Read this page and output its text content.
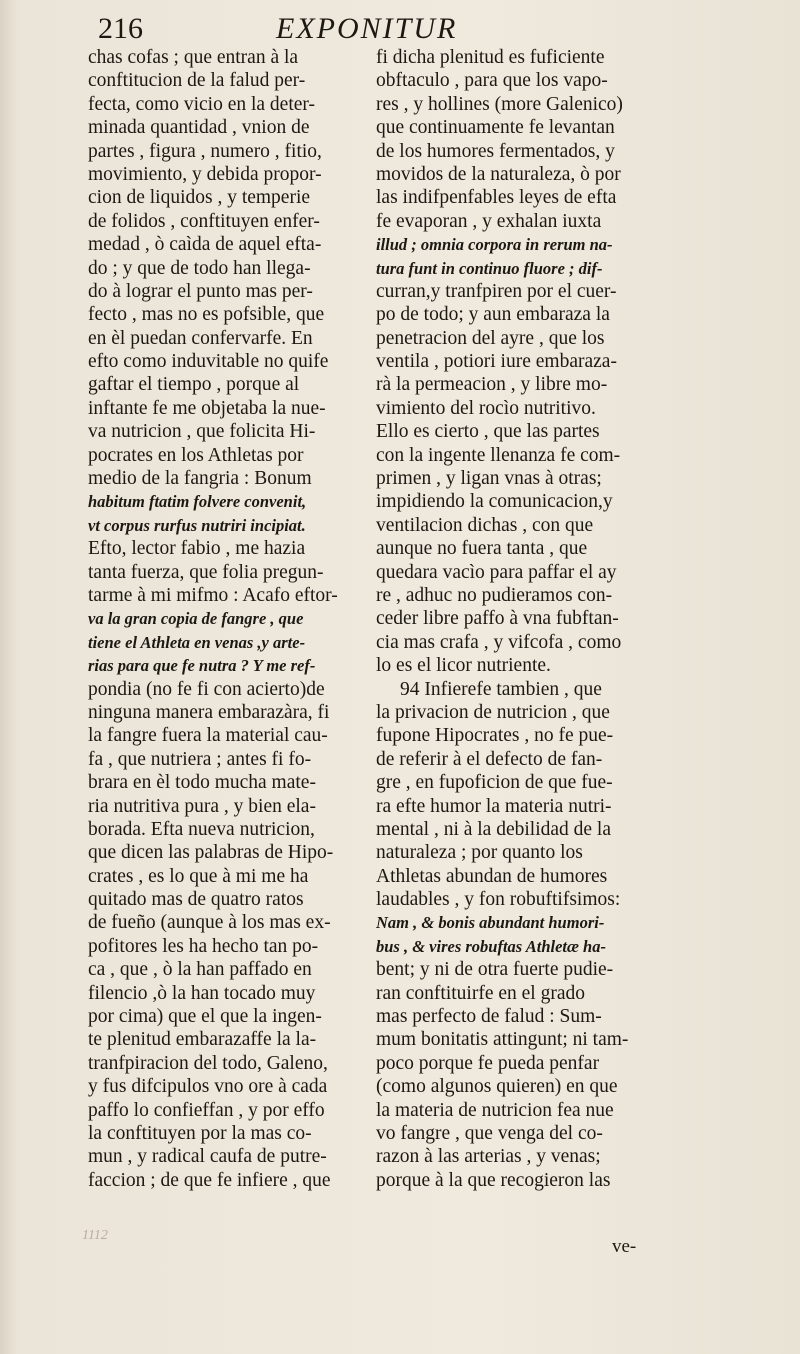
216	EXPONITUR
chas cofas ; que entran à la
conftitucion de la falud per-
fecta, como vicio en la deter-
minada quantidad , vnion de
partes , figura , numero , fitio,
movimiento, y debida propor-
cion de liquidos , y temperie
de folidos , conftituyen enfer-
medad , ò caìda de aquel efta-
do ; y que de todo han llega-
do à lograr el punto mas per-
fecto , mas no es pofsible, que
en èl puedan confervarfe. En
efto como induvitable no quife
gaftar el tiempo , porque al
inftante fe me objetaba la nue-
va nutricion , que folicita Hi-
pocrates en los Athletas por
medio de la fangria : Bonum
habitum ftatim folvere convenit,
vt corpus rurfus nutriri incipiat.
Efto, lector fabio , me hazia
tanta fuerza, que folia pregun-
tarme à mi mifmo : Acafo eftor-
va la gran copia de fangre , que
tiene el Athleta en venas ,y arte-
rias para que fe nutra ? Y me ref-
pondia (no fe fi con acierto)de
ninguna manera embarazàra, fi
la fangre fuera la material cau-
fa , que nutriera ; antes fi fo-
brara en èl todo mucha mate-
ria nutritiva pura , y bien ela-
borada. Efta nueva nutricion,
que dicen las palabras de Hipo-
crates , es lo que à mi me ha
quitado mas de quatro ratos
de fueño (aunque à los mas ex-
pofitores les ha hecho tan po-
ca , que , ò la han paffado en
filencio ,ò la han tocado muy
por cima) que el que la ingen-
te plenitud embarazaffe la la-
tranfpiracion del todo, Galeno,
y fus difcipulos vno ore à cada
paffo lo confieffan , y por effo
la conftituyen por la mas co-
mun , y radical caufa de putre-
faccion ; de que fe infiere , que
fi dicha plenitud es fuficiente
obftaculo , para que los vapo-
res , y hollines (more Galenico)
que continuamente fe levantan
de los humores fermentados, y
movidos de la naturaleza, ò por
las indifpenfables leyes de efta
fe evaporan , y exhalan iuxta
illud ; omnia corpora in rerum na-
tura funt in continuo fluore ; dif-
curran,y tranfpiren por el cuer-
po de todo; y aun embaraza la
penetracion del ayre , que los
ventila , potiori iure embaraza-
rà la permeacion , y libre mo-
vimiento del rocìo nutritivo.
Ello es cierto , que las partes
con la ingente llenanza fe com-
primen , y ligan vnas à otras;
impidiendo la comunicacion,y
ventilacion dichas , con que
aunque no fuera tanta , que
quedara vacìo para paffar el ay
re , adhuc no pudieramos con-
ceder libre paffo à vna fubftan-
cia mas crafa , y vifcofa , como
lo es el licor nutriente.
94 Infierefe tambien , que
la privacion de nutricion , que
fupone Hipocrates , no fe pue-
de referir à el defecto de fan-
gre , en fupoficion de que fue-
ra efte humor la materia nutri-
mental , ni à la debilidad de la
naturaleza ; por quanto los
Athletas abundan de humores
laudables , y fon robuftifsimos:
Nam , & bonis abundant humori-
bus , & vires robuftas Athletæ ha-
bent; y ni de otra fuerte pudie-
ran conftituirfe en el grado
mas perfecto de falud : Sum-
mum bonitatis attingunt; ni tam-
poco porque fe pueda penfar
(como algunos quieren) en que
la materia de nutricion fea nue
vo fangre , que venga del co-
razon à las arterias , y venas;
porque à la que recogieron las
1112
ve-
